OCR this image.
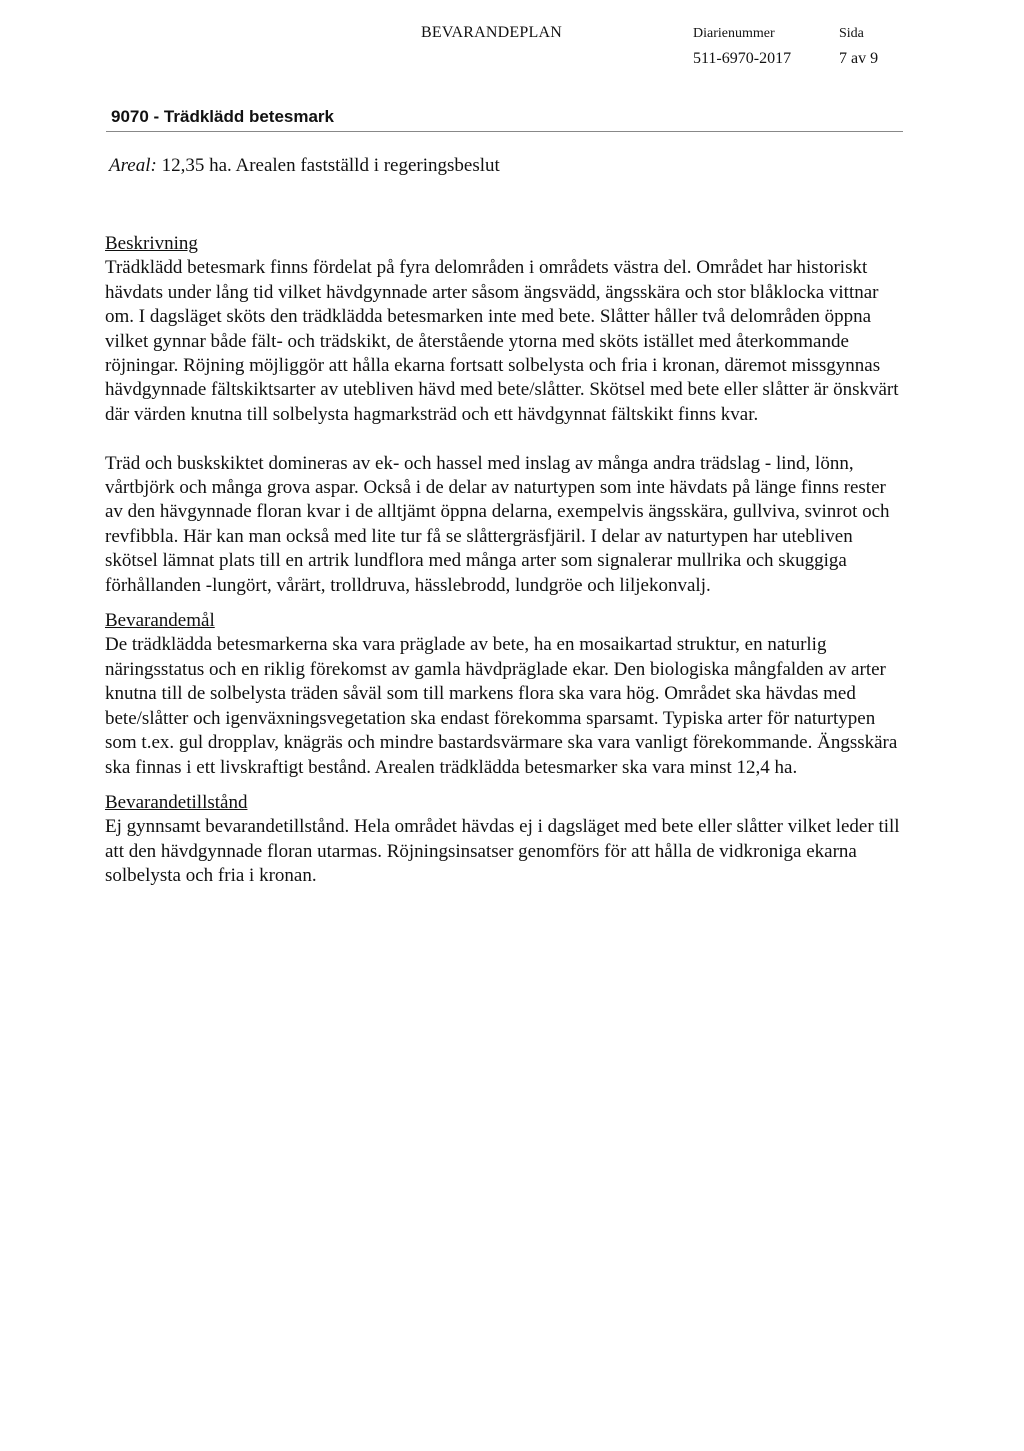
BEVARANDEPLAN	Diarienummer
511-6970-2017
Sida
7 av 9
9070 - Trädklädd betesmark
Areal: 12,35 ha. Arealen fastställd i regeringsbeslut
Beskrivning

Trädklädd betesmark finns fördelat på fyra delområden i områdets västra del. Området har historiskt hävdats under lång tid vilket hävdgynnade arter såsom ängsvädd, ängsskära och stor blåklocka vittnar om. I dagsläget sköts den trädklädda betesmarken inte med bete. Slåtter håller två delområden öppna vilket gynnar både fält- och trädskikt, de återstående ytorna med sköts istället med återkommande röjningar. Röjning möjliggör att hålla ekarna fortsatt solbelysta och fria i kronan, däremot missgynnas hävdgynnade fältskiktsarter av utebliven hävd med bete/slåtter. Skötsel med bete eller slåtter är önskvärt där värden knutna till solbelysta hagmarksträd och ett hävdgynnat fältskikt finns kvar.

Träd och buskskiktet domineras av ek- och hassel med inslag av många andra trädslag - lind, lönn, vårtbjörk och många grova aspar. Också i de delar av naturtypen som inte hävdats på länge finns rester av den hävgynnade floran kvar i de alltjämt öppna delarna, exempelvis ängsskära, gullviva, svinrot och revfibbla. Här kan man också med lite tur få se slåttergräsfjäril. I delar av naturtypen har utebliven skötsel lämnat plats till en artrik lundflora med många arter som signalerar mullrika och skuggiga förhållanden -lungört, vårärt, trolldruva, hässlebrodd, lundgröe och liljekonvalj.

Bevarandemål

De trädklädda betesmarkerna ska vara präglade av bete, ha en mosaikartad struktur, en naturlig näringsstatus och en riklig förekomst av gamla hävdpräglade ekar. Den biologiska mångfalden av arter knutna till de solbelysta träden såväl som till markens flora ska vara hög. Området ska hävdas med bete/slåtter och igenväxningsvegetation ska endast förekomma sparsamt. Typiska arter för naturtypen som t.ex. gul dropplav, knägräs och mindre bastardsvärmare ska vara vanligt förekommande. Ängsskära ska finnas i ett livskraftigt bestånd. Arealen trädklädda betesmarker ska vara minst 12,4 ha.

Bevarandetillstånd

Ej gynnsamt bevarandetillstånd. Hela området hävdas ej i dagsläget med bete eller slåtter vilket leder till att den hävdgynnade floran utarmas. Röjningsinsatser genomförs för att hålla de vidkroniga ekarna solbelysta och fria i kronan.
